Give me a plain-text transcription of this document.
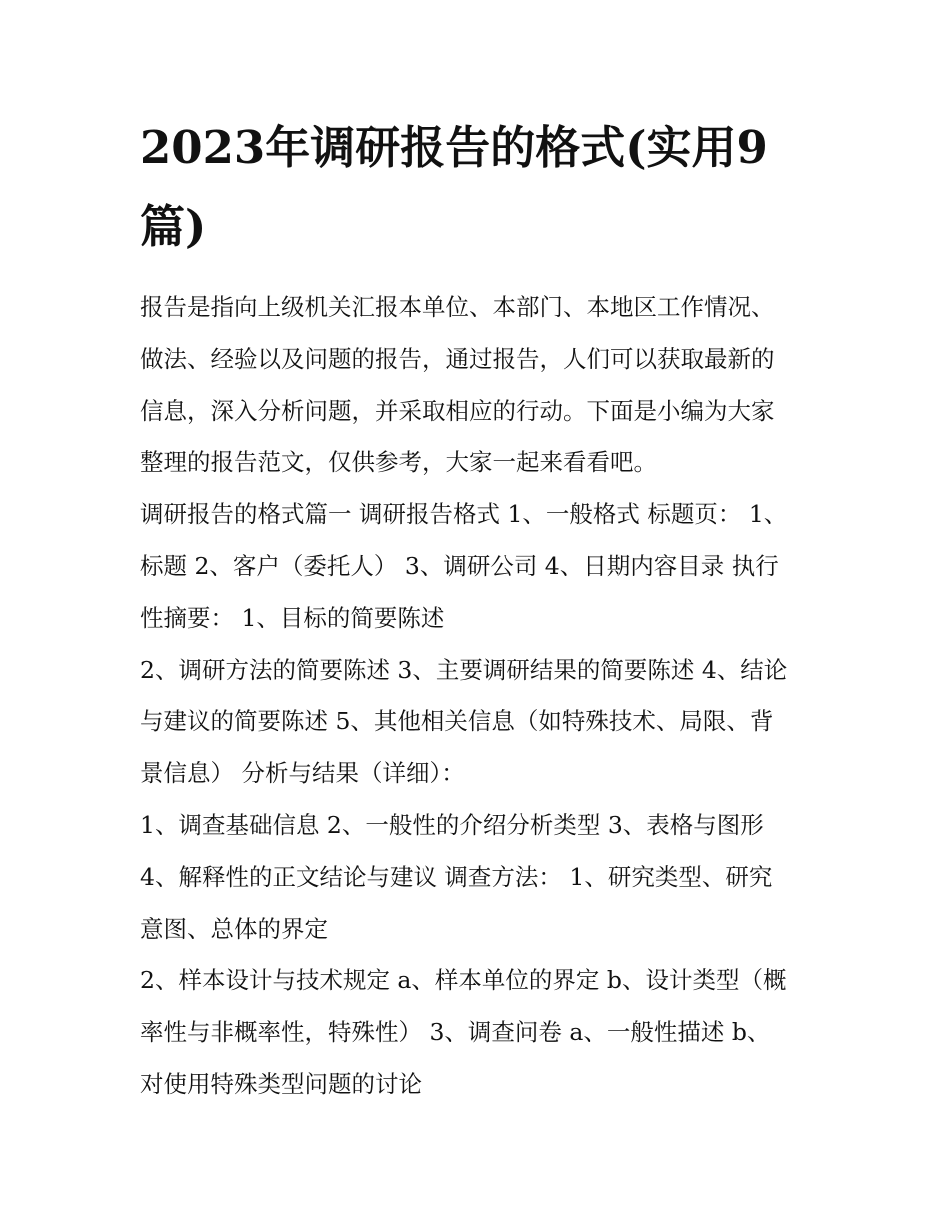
2023年调研报告的格式(实用9
篇)
报告是指向上级机关汇报本单位、本部门、本地区工作情况、
做法、经验以及问题的报告，通过报告，人们可以获取最新的
信息，深入分析问题，并采取相应的行动。下面是小编为大家
整理的报告范文，仅供参考，大家一起来看看吧。
调研报告的格式篇一 调研报告格式 1、一般格式 标题页： 1、
标题 2、客户（委托人） 3、调研公司 4、日期内容目录 执行
性摘要： 1、目标的简要陈述
2、调研方法的简要陈述 3、主要调研结果的简要陈述 4、结论
与建议的简要陈述 5、其他相关信息（如特殊技术、局限、背
景信息） 分析与结果（详细）：
1、调查基础信息 2、一般性的介绍分析类型 3、表格与图形
4、解释性的正文结论与建议 调查方法： 1、研究类型、研究
意图、总体的界定
2、样本设计与技术规定 a、样本单位的界定 b、设计类型（概
率性与非概率性，特殊性） 3、调查问卷 a、一般性描述 b、
对使用特殊类型问题的讨论
